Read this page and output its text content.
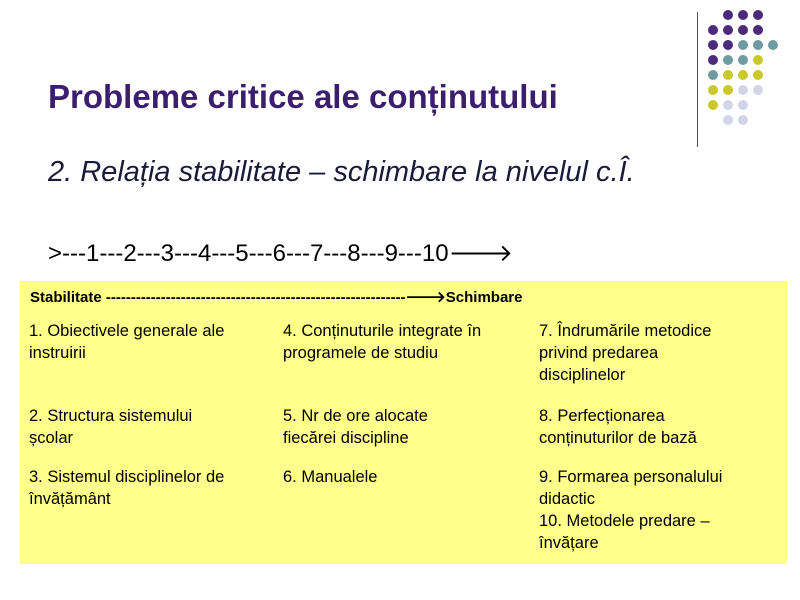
Probleme critice ale conținutului
2. Relația stabilitate – schimbare la nivelul c.Î.
>---1---2---3---4---5---6---7---8---9---10🡒
Stabilitate ------------------------------------------------------------🡒Schimbare
1. Obiectivele generale ale
instruirii
4. Conținuturile integrate în
programele de studiu
7. Îndrumările metodice
privind predarea
disciplinelor
2. Structura sistemului
școlar
5. Nr de ore alocate
fiecărei discipline
8. Perfecționarea
conținuturilor de bază
3. Sistemul disciplinelor de
învățământ
6. Manualele	9. Formarea personalului
didactic
10. Metodele predare –
învățare
